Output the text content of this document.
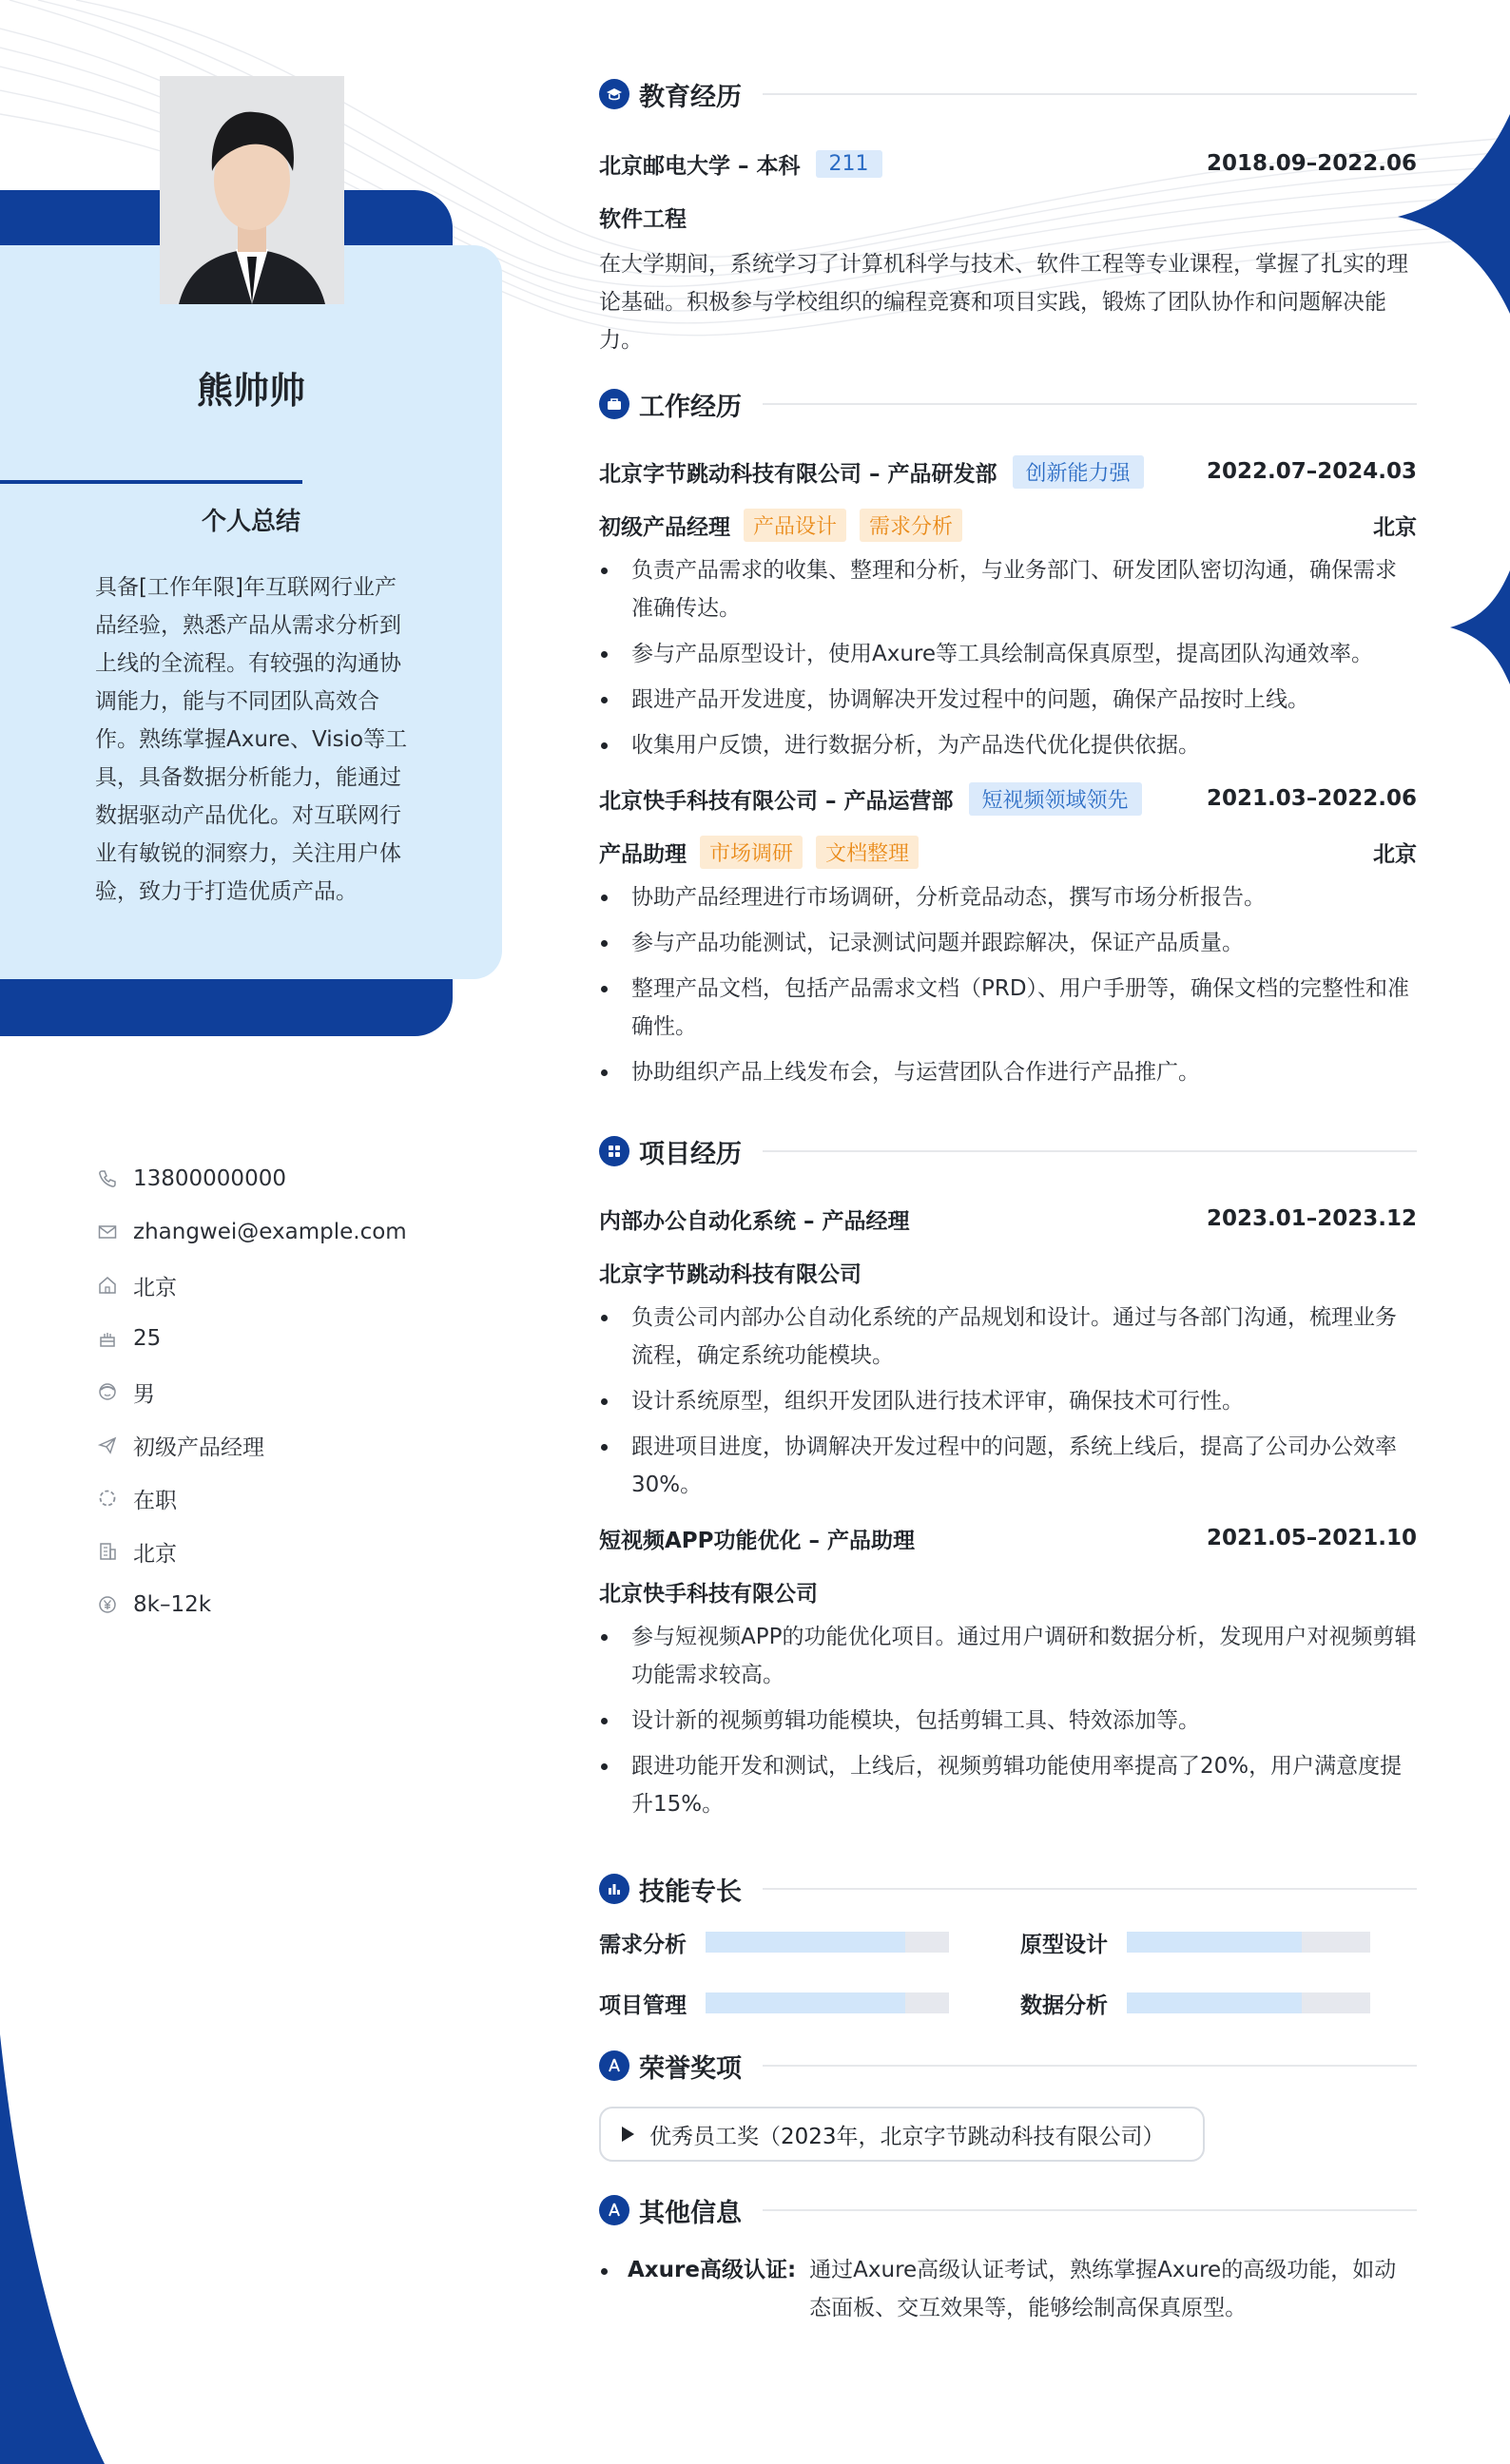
熊帅帅
个人总结
具备[工作年限]年互联网行业产品经验，熟悉产品从需求分析到上线的全流程。有较强的沟通协调能力，能与不同团队高效合作。熟练掌握Axure、Visio等工具，具备数据分析能力，能通过数据驱动产品优化。对互联网行业有敏锐的洞察力，关注用户体验，致力于打造优质产品。
13800000000
zhangwei@example.com
北京
25
男
初级产品经理
在职
北京
8k–12k
教育经历
北京邮电大学 – 本科	211	2018.09–2022.06
软件工程
在大学期间，系统学习了计算机科学与技术、软件工程等专业课程，掌握了扎实的理论基础。积极参与学校组织的编程竞赛和项目实践，锻炼了团队协作和问题解决能力。
工作经历
北京字节跳动科技有限公司 – 产品研发部	创新能力强	2022.07–2024.03
初级产品经理	产品设计	需求分析	北京
负责产品需求的收集、整理和分析，与业务部门、研发团队密切沟通，确保需求准确传达。
参与产品原型设计，使用Axure等工具绘制高保真原型，提高团队沟通效率。
跟进产品开发进度，协调解决开发过程中的问题，确保产品按时上线。
收集用户反馈，进行数据分析，为产品迭代优化提供依据。
北京快手科技有限公司 – 产品运营部	短视频领域领先	2021.03–2022.06
产品助理	市场调研	文档整理	北京
协助产品经理进行市场调研，分析竞品动态，撰写市场分析报告。
参与产品功能测试，记录测试问题并跟踪解决，保证产品质量。
整理产品文档，包括产品需求文档（PRD）、用户手册等，确保文档的完整性和准确性。
协助组织产品上线发布会，与运营团队合作进行产品推广。
项目经历
内部办公自动化系统 – 产品经理	2023.01–2023.12
北京字节跳动科技有限公司
负责公司内部办公自动化系统的产品规划和设计。通过与各部门沟通，梳理业务流程，确定系统功能模块。
设计系统原型，组织开发团队进行技术评审，确保技术可行性。
跟进项目进度，协调解决开发过程中的问题，系统上线后，提高了公司办公效率30%。
短视频APP功能优化 – 产品助理	2021.05–2021.10
北京快手科技有限公司
参与短视频APP的功能优化项目。通过用户调研和数据分析，发现用户对视频剪辑功能需求较高。
设计新的视频剪辑功能模块，包括剪辑工具、特效添加等。
跟进功能开发和测试，上线后，视频剪辑功能使用率提高了20%，用户满意度提升15%。
技能专长
需求分析	原型设计
项目管理	数据分析
荣誉奖项
优秀员工奖（2023年，北京字节跳动科技有限公司）
其他信息
Axure高级认证: 通过Axure高级认证考试，熟练掌握Axure的高级功能，如动态面板、交互效果等，能够绘制高保真原型。
